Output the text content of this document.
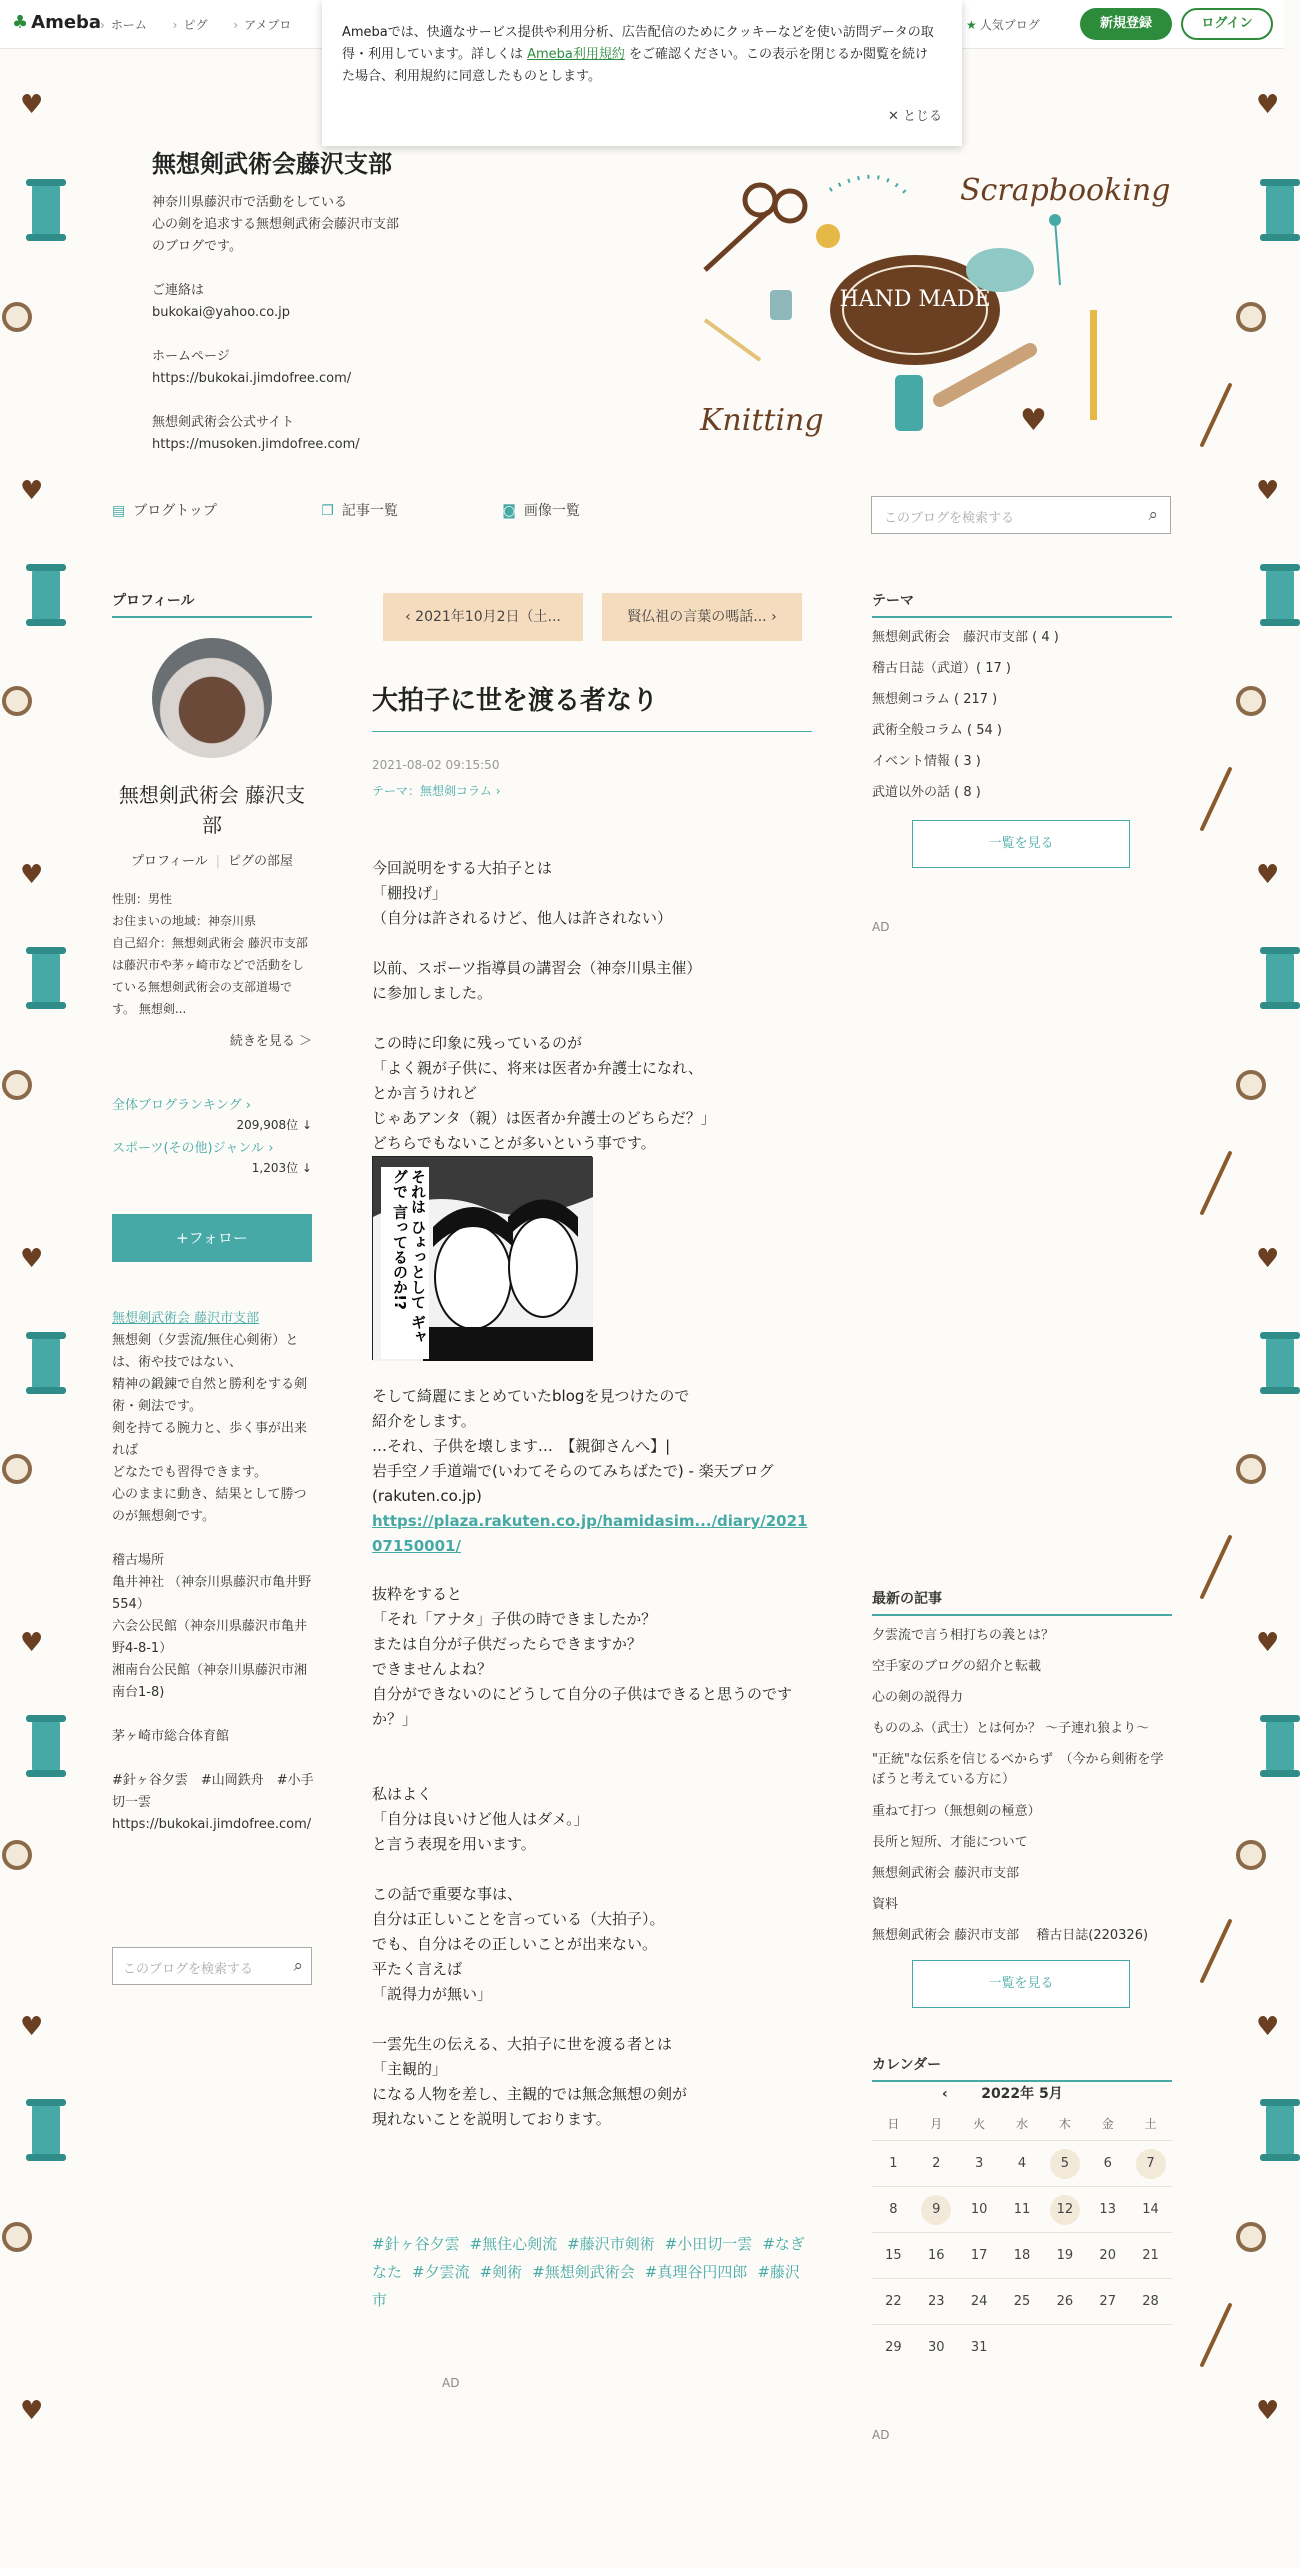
♥
♥
♥
♥
♥
♥
♥
♥
♥
♥
♥
♥
♥
♥
♣ Ameba › ホーム	› ピグ	› アメブロ	★ 人気ブログ	新規登録	ログイン
Amebaでは、快適なサービス提供や利用分析、広告配信のためにクッキーなどを使い訪問データの取得・利用しています。詳しくは Ameba利用規約 をご確認ください。この表示を閉じるか閲覧を続けた場合、利用規約に同意したものとします。
✕ とじる
無想剣武術会藤沢支部
神奈川県藤沢市で活動をしている
心の剣を追求する無想剣武術会藤沢市支部
のブログです。

ご連絡は
bukokai@yahoo.co.jp

ホームページ
https://bukokai.jimdofree.com/

無想剣武術会公式サイト
https://musoken.jimdofree.com/
Scrapbooking
HAND MADE
Knitting	♥
▤ ブログトップ	❐ 記事一覧	◙ 画像一覧	このブログを検索する	⌕
プロフィール
無想剣武術会 藤沢支部
プロフィール | ピグの部屋
性別：男性
お住まいの地域：神奈川県
自己紹介：無想剣武術会 藤沢市支部は藤沢市や茅ヶ崎市などで活動をしている無想剣武術会の支部道場です。 無想剣...
続きを見る ＞
全体ブログランキング ›
209,908位 ↓
スポーツ(その他)ジャンル ›
1,203位 ↓
+フォロー
無想剣武術会 藤沢市支部
無想剣（夕雲流/無住心剣術）とは、術や技ではない、
精神の鍛錬で自然と勝利をする剣術・剣法です。
剣を持てる腕力と、歩く事が出来れば
どなたでも習得できます。
心のままに動き、結果として勝つのが無想剣です。

稽古場所
亀井神社 （神奈川県藤沢市亀井野554）
六会公民館（神奈川県藤沢市亀井野4-8-1）
湘南台公民館（神奈川県藤沢市湘南台1-8)

茅ヶ崎市総合体育館

#針ヶ谷夕雲　#山岡鉄舟　#小手切一雲
https://bukokai.jimdofree.com/
このブログを検索する ⌕
‹ 2021年10月2日（土...	賢仏祖の言葉の嗎話... ›
大拍子に世を渡る者なり
2021-08-02 09:15:50
テーマ：無想剣コラム ›
今回説明をする大拍子とは
「棚投げ」
（自分は許されるけど、他人は許されない）

以前、スポーツ指導員の講習会（神奈川県主催）
に参加しました。

この時に印象に残っているのが
「よく親が子供に、将来は医者か弁護士になれ、
とか言うけれど
じゃあアンタ（親）は医者か弁護士のどちらだ？」
どちらでもないことが多いという事です。
それは ひょっとして ギャグで 言ってるのか!?
そして綺麗にまとめていたblogを見つけたので
紹介をします。
…それ、子供を壊します…　【親御さんへ】|
岩手空ノ手道端で(いわてそらのてみちばたで) - 楽天ブログ
(rakuten.co.jp)
https://plaza.rakuten.co.jp/hamidasim.../diary/202107150001/
抜粋をすると
「それ「アナタ」子供の時できましたか？
または自分が子供だったらできますか？
できませんよね？
自分ができないのにどうして自分の子供はできると思うのですか？」

私はよく
「自分は良いけど他人はダメ。」
と言う表現を用います。

この話で重要な事は、
自分は正しいことを言っている（大拍子）。
でも、自分はその正しいことが出来ない。
平たく言えば
「説得力が無い」

一雲先生の伝える、大拍子に世を渡る者とは
「主観的」
になる人物を差し、主観的では無念無想の剣が
現れないことを説明しております。
#針ヶ谷夕雲 #無住心剣流 #藤沢市剣術 #小田切一雲 #なぎなた #夕雲流 #剣術 #無想剣武術会 #真理谷円四郎 #藤沢市
AD
テーマ
無想剣武術会　藤沢市支部 ( 4 )
稽古日誌（武道）( 17 )
無想剣コラム ( 217 )
武術全般コラム ( 54 )
イベント情報 ( 3 )
武道以外の話 ( 8 )
一覧を見る
AD
最新の記事
夕雲流で言う相打ちの義とは？
空手家のブログの紹介と転載
心の剣の説得力
もののふ（武士）とは何か？ ～子連れ狼より～
"正統"な伝系を信じるべからず　（今から剣術を学ぼうと考えている方に）
重ねて打つ（無想剣の極意）
長所と短所、才能について
無想剣武術会 藤沢市支部
資料
無想剣武術会 藤沢市支部　 稽古日誌(220326)
一覧を見る
カレンダー
‹ 2022年 5月
日	月	火	水	木	金	土
1	2	3	4	5	6	7
8	9	10	11	12	13	14
15	16	17	18	19	20	21
22	23	24	25	26	27	28
29	30	31
AD
